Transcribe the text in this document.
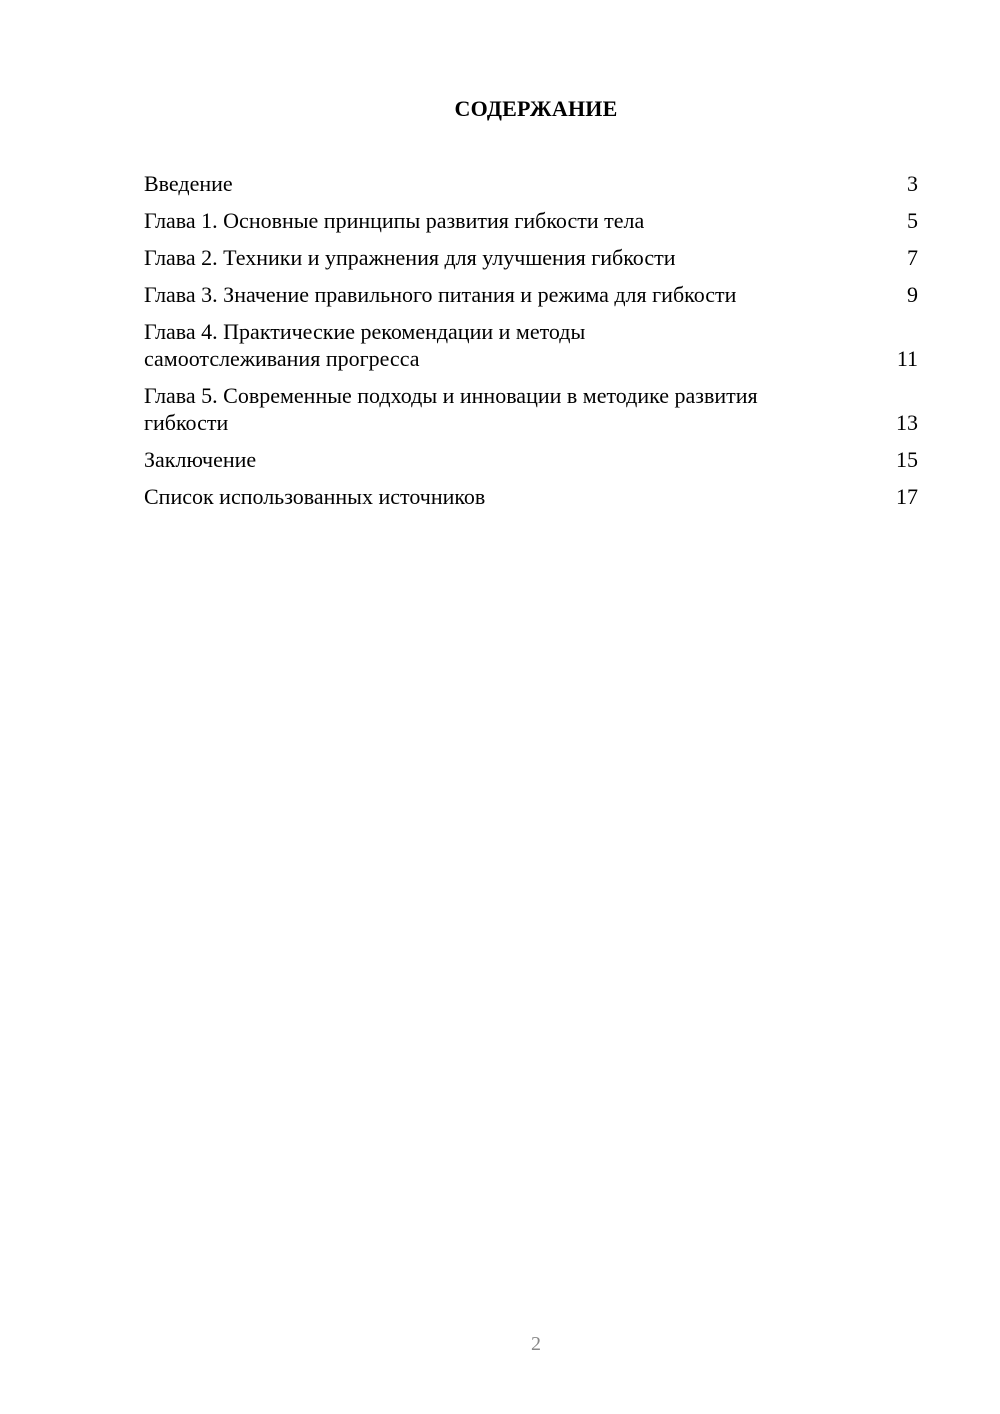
СОДЕРЖАНИЕ
Введение	3
Глава 1. Основные принципы развития гибкости тела	5
Глава 2. Техники и упражнения для улучшения гибкости	7
Глава 3. Значение правильного питания и режима для гибкости	9
Глава 4. Практические рекомендации и методы самоотслеживания прогресса	11
Глава 5. Современные подходы и инновации в методике развития гибкости	13
Заключение	15
Список использованных источников	17
2
